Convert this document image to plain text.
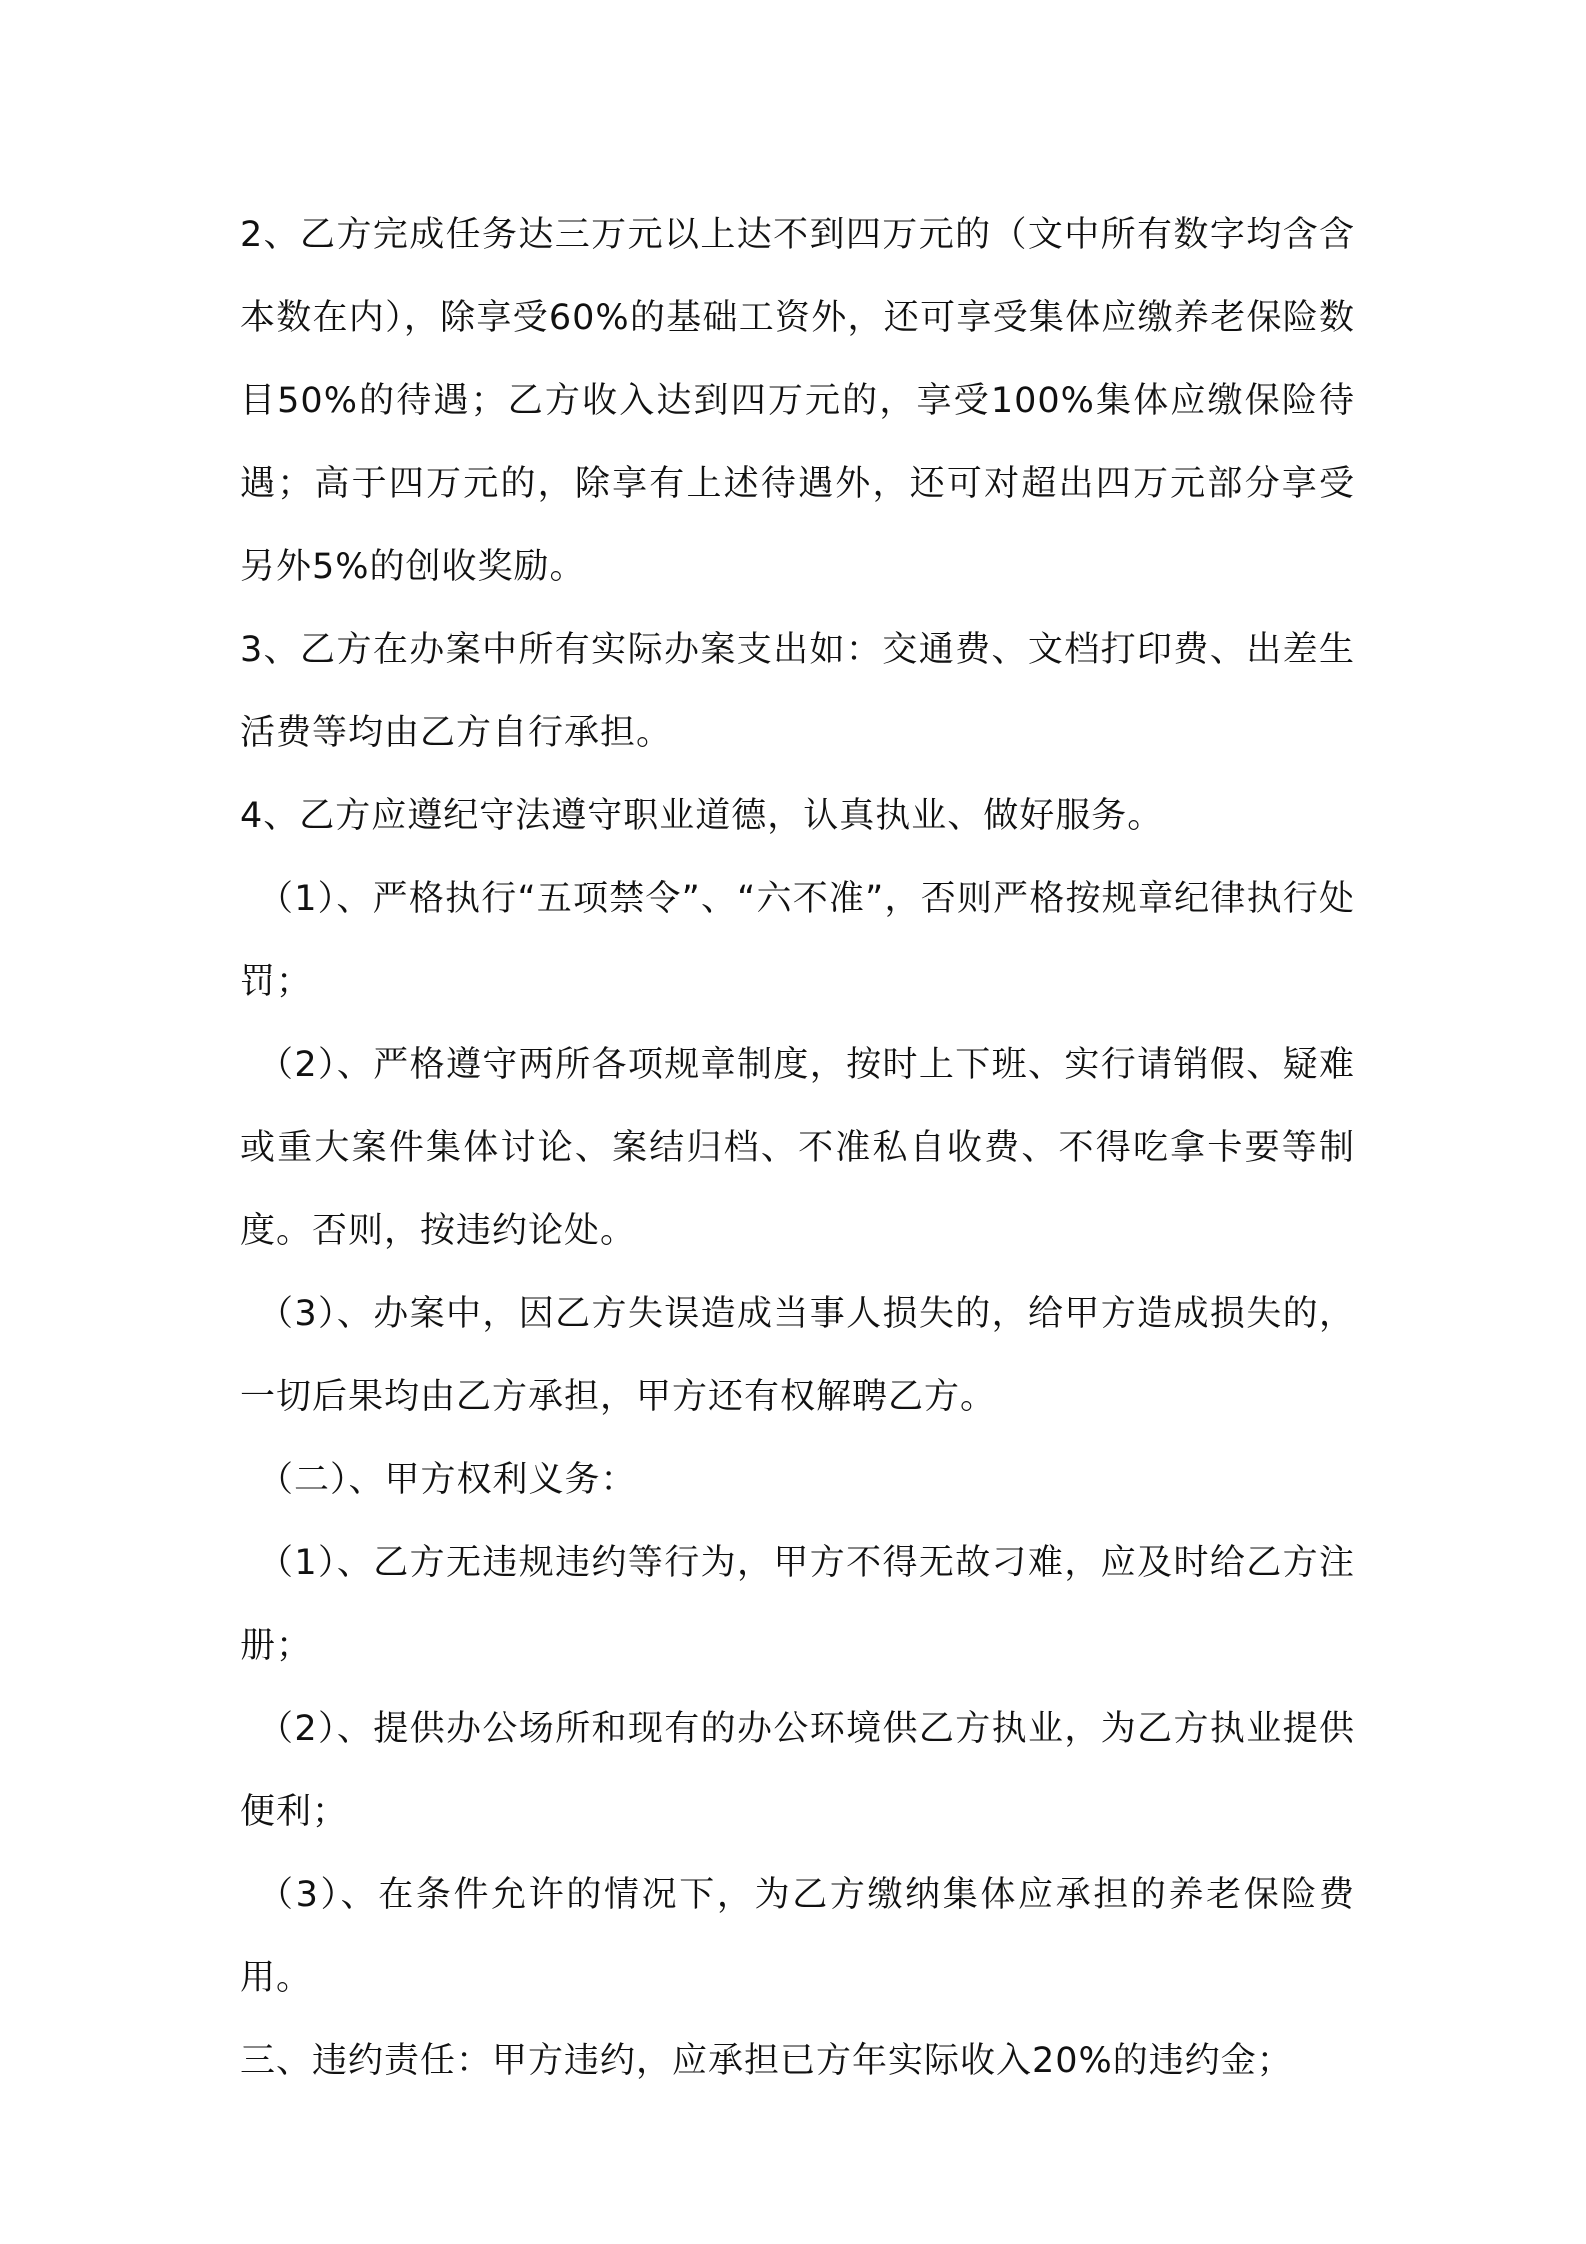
2、乙方完成任务达三万元以上达不到四万元的（文中所有数字均含含本数在内），除享受60%的基础工资外，还可享受集体应缴养老保险数目50%的待遇；乙方收入达到四万元的，享受100%集体应缴保险待遇；高于四万元的，除享有上述待遇外，还可对超出四万元部分享受另外5%的创收奖励。

3、乙方在办案中所有实际办案支出如：交通费、文档打印费、出差生活费等均由乙方自行承担。

4、乙方应遵纪守法遵守职业道德，认真执业、做好服务。

（1）、严格执行“五项禁令”、“六不准”，否则严格按规章纪律执行处罚；

（2）、严格遵守两所各项规章制度，按时上下班、实行请销假、疑难或重大案件集体讨论、案结归档、不准私自收费、不得吃拿卡要等制度。否则，按违约论处。

（3）、办案中，因乙方失误造成当事人损失的，给甲方造成损失的，一切后果均由乙方承担，甲方还有权解聘乙方。

（二）、甲方权利义务：

（1）、乙方无违规违约等行为，甲方不得无故刁难，应及时给乙方注册；

（2）、提供办公场所和现有的办公环境供乙方执业，为乙方执业提供便利；

（3）、在条件允许的情况下，为乙方缴纳集体应承担的养老保险费用。

三、违约责任：甲方违约，应承担已方年实际收入20%的违约金；
